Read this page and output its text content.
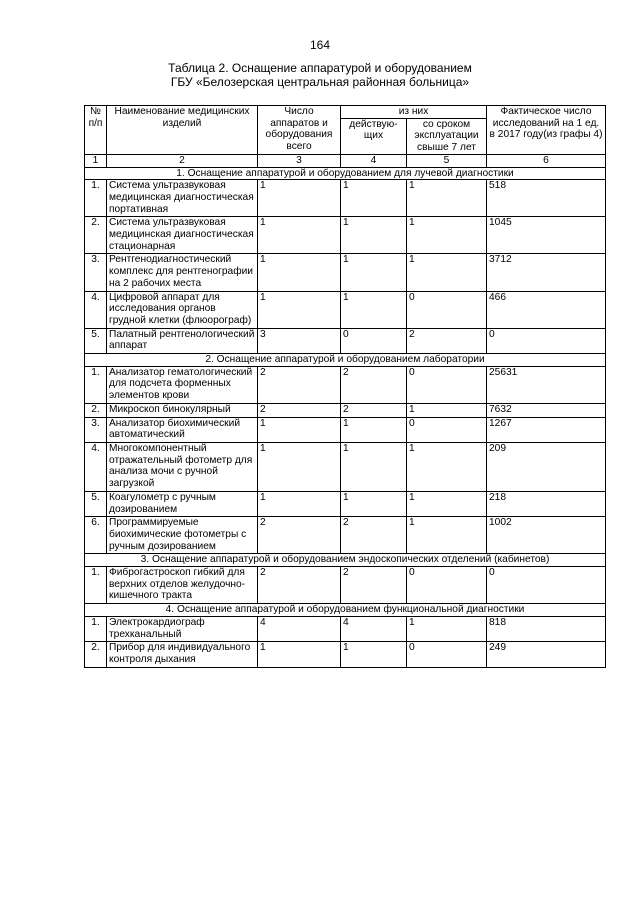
164
Таблица 2. Оснащение аппаратурой и оборудованием
ГБУ «Белозерская центральная районная больница»
№ п/п	Наименование медицинских изделий	Число аппаратов и оборудования всего	из них		Фактическое число исследований на 1 ед. в 2017 году(из графы 4)
			действую-щих	со сроком эксплуатации свыше 7 лет	
1	2	3	4	5	6
1. Оснащение аппаратурой и оборудованием для лучевой диагностики					
1.	Система ультразвуковая медицинская диагностическая портативная	1	1	1	518
2.	Система ультразвуковая медицинская диагностическая стационарная	1	1	1	1045
3.	Рентгенодиагностический комплекс для рентгенографии на 2 рабочих места	1	1	1	3712
4.	Цифровой аппарат для исследования органов грудной клетки (флюорограф)	1	1	0	466
5.	Палатный рентгенологический аппарат	3	0	2	0
2. Оснащение аппаратурой и оборудованием лаборатории					
1.	Анализатор гематологический для подсчета форменных элементов крови	2	2	0	25631
2.	Микроскоп бинокулярный	2	2	1	7632
3.	Анализатор биохимический автоматический	1	1	0	1267
4.	Многокомпонентный отражательный фотометр для анализа мочи с ручной загрузкой	1	1	1	209
5.	Коагулометр с ручным дозированием	1	1	1	218
6.	Программируемые биохимические фотометры с ручным дозированием	2	2	1	1002
3. Оснащение аппаратурой и оборудованием эндоскопических отделений (кабинетов)					
1.	Фиброгастроскоп гибкий для верхних отделов желудочно-кишечного тракта	2	2	0	0
4. Оснащение аппаратурой и оборудованием функциональной диагностики					
1.	Электрокардиограф трехканальный	4	4	1	818
2.	Прибор для индивидуального контроля дыхания	1	1	0	249
